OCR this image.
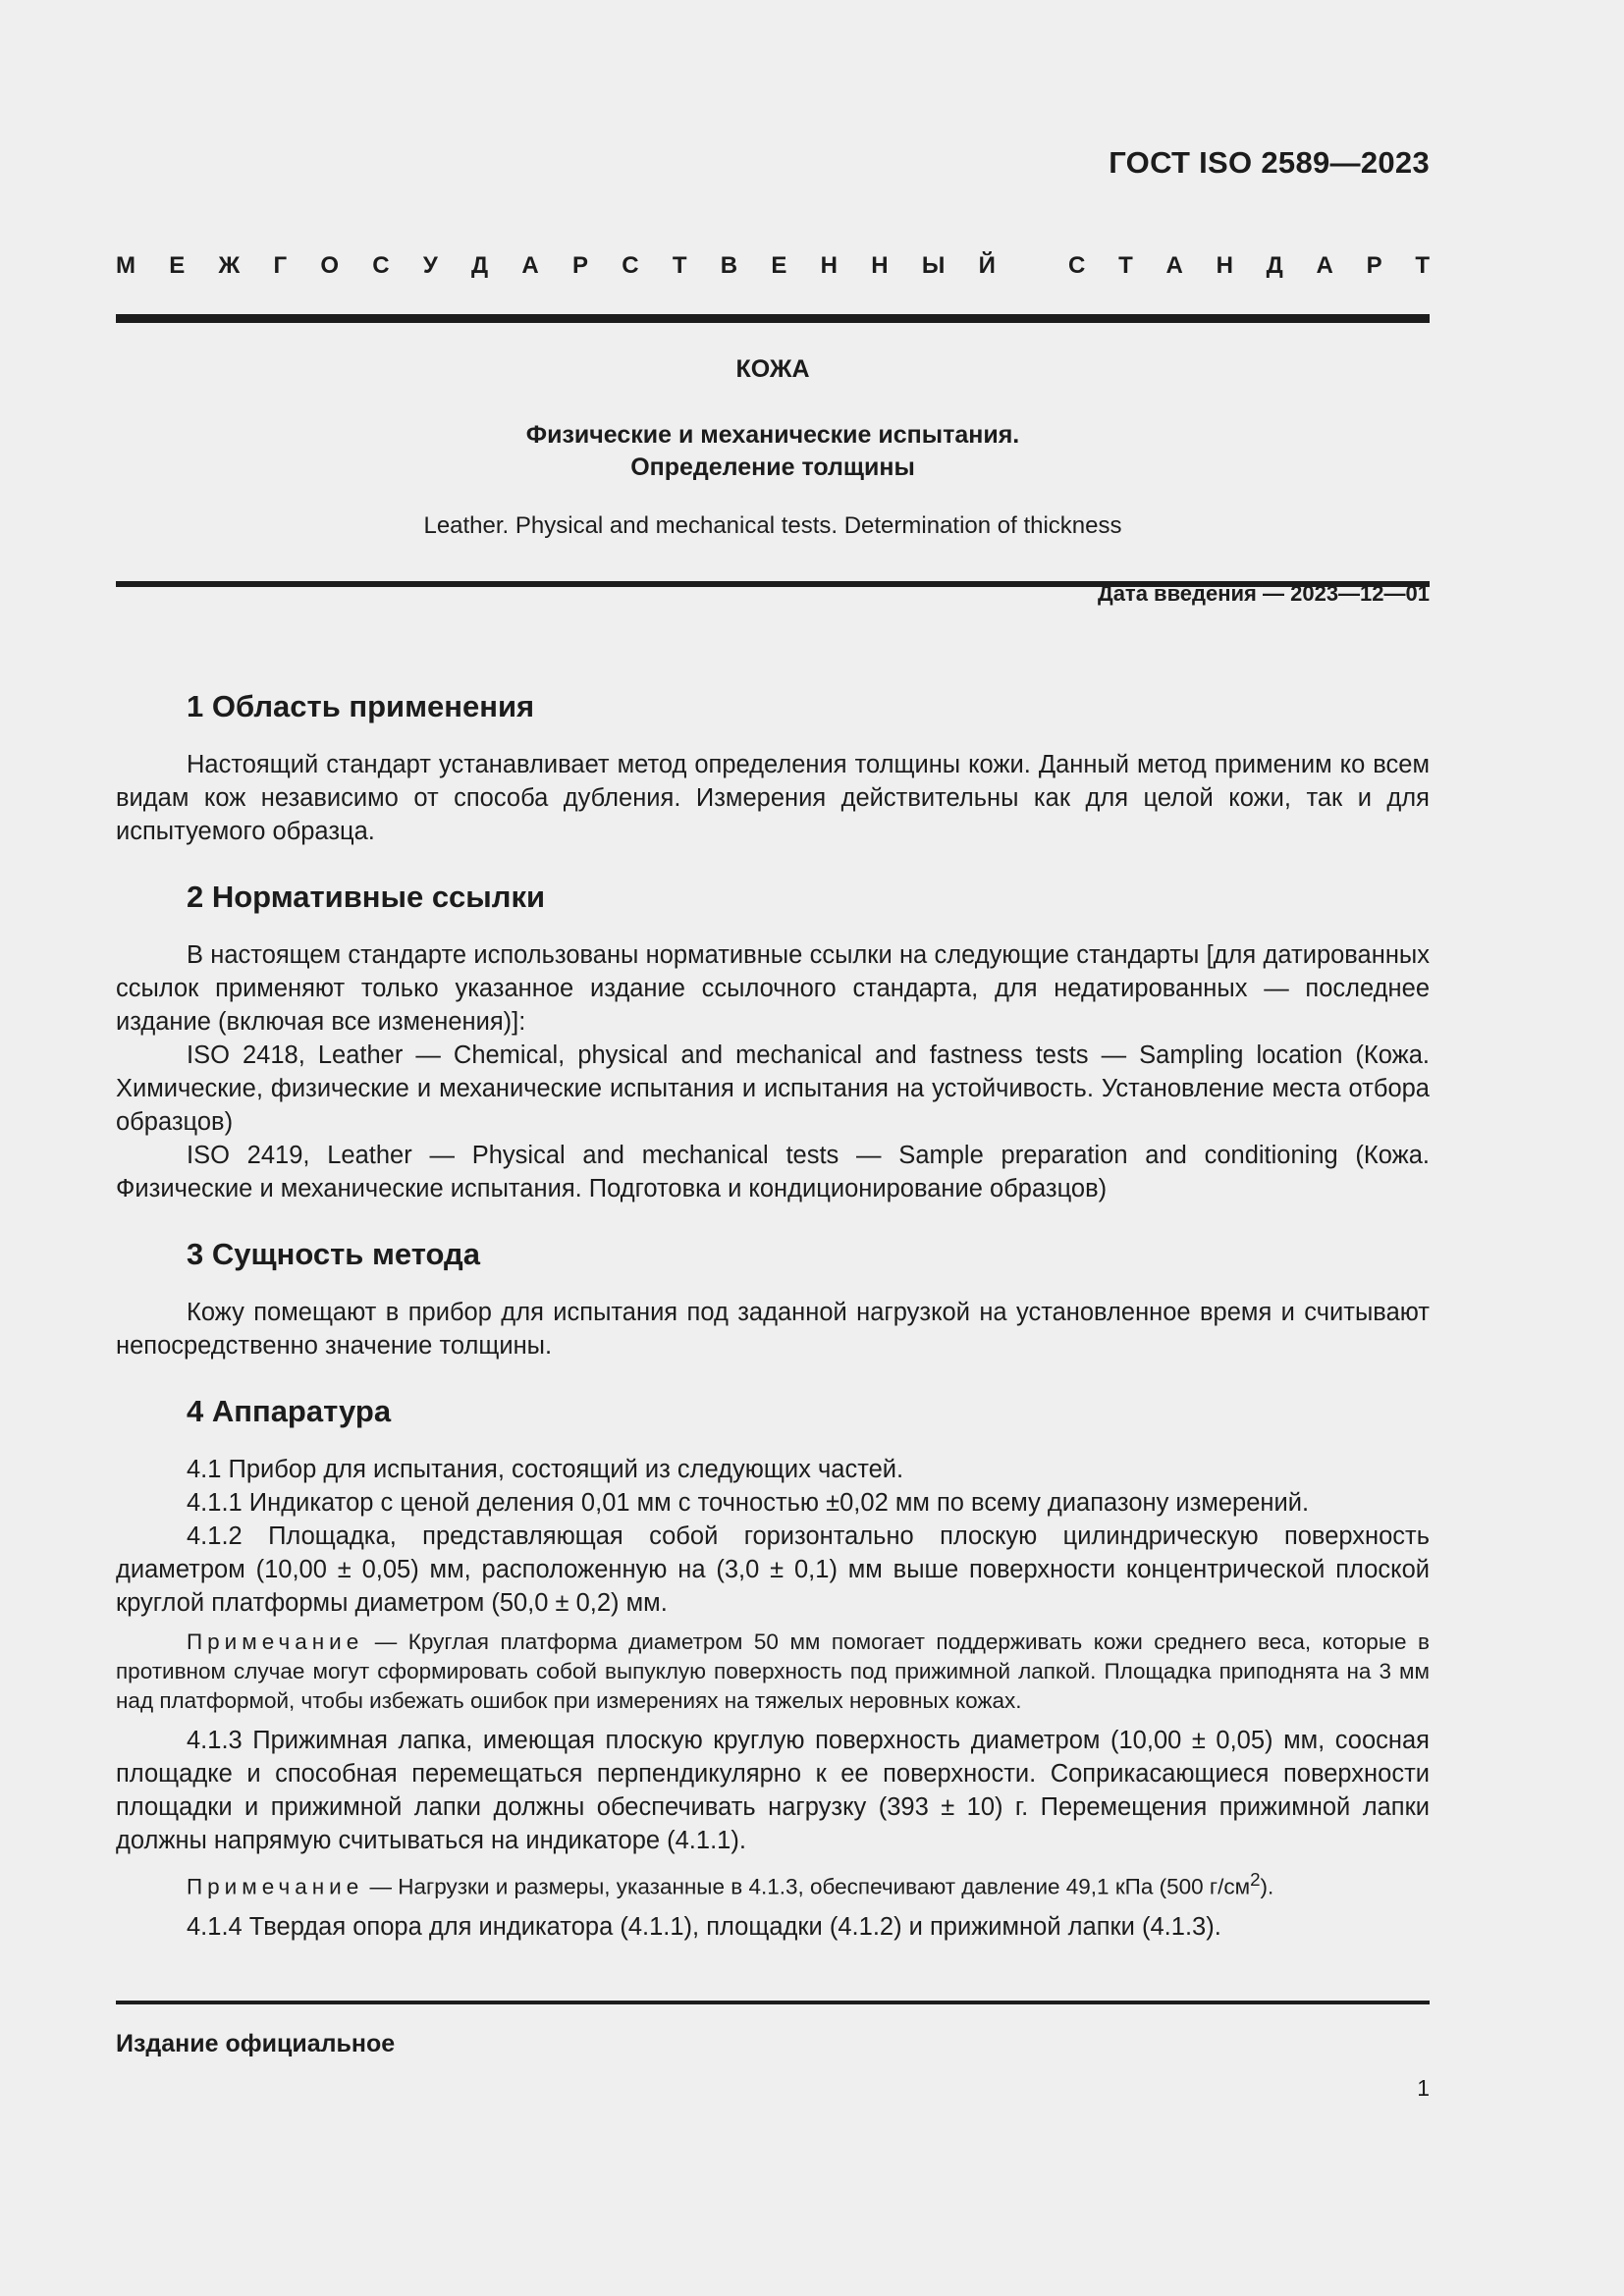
ГОСТ ISO 2589—2023
М Е Ж Г О С У Д А Р С Т В Е Н Н Ы Й	С Т А Н Д А Р Т
КОЖА
Физические и механические испытания.
Определение толщины
Leather. Physical and mechanical tests. Determination of thickness
Дата введения — 2023—12—01
1 Область применения

Настоящий стандарт устанавливает метод определения толщины кожи. Данный метод применим ко всем видам кож независимо от способа дубления. Измерения действительны как для целой кожи, так и для испытуемого образца.

2 Нормативные ссылки

В настоящем стандарте использованы нормативные ссылки на следующие стандарты [для датированных ссылок применяют только указанное издание ссылочного стандарта, для недатированных — последнее издание (включая все изменения)]:

ISO 2418, Leather — Chemical, physical and mechanical and fastness tests — Sampling location (Кожа. Химические, физические и механические испытания и испытания на устойчивость. Установление места отбора образцов)

ISO 2419, Leather — Physical and mechanical tests — Sample preparation and conditioning (Кожа. Физические и механические испытания. Подготовка и кондиционирование образцов)

3 Сущность метода

Кожу помещают в прибор для испытания под заданной нагрузкой на установленное время и считывают непосредственно значение толщины.

4 Аппаратура

4.1 Прибор для испытания, состоящий из следующих частей.

4.1.1 Индикатор с ценой деления 0,01 мм с точностью ±0,02 мм по всему диапазону измерений.

4.1.2 Площадка, представляющая собой горизонтально плоскую цилиндрическую поверхность диаметром (10,00 ± 0,05) мм, расположенную на (3,0 ± 0,1) мм выше поверхности концентрической плоской круглой платформы диаметром (50,0 ± 0,2) мм.

Примечание — Круглая платформа диаметром 50 мм помогает поддерживать кожи среднего веса, которые в противном случае могут сформировать собой выпуклую поверхность под прижимной лапкой. Площадка приподнята на 3 мм над платформой, чтобы избежать ошибок при измерениях на тяжелых неровных кожах.

4.1.3 Прижимная лапка, имеющая плоскую круглую поверхность диаметром (10,00 ± 0,05) мм, соосная площадке и способная перемещаться перпендикулярно к ее поверхности. Соприкасающиеся поверхности площадки и прижимной лапки должны обеспечивать нагрузку (393 ± 10) г. Перемещения прижимной лапки должны напрямую считываться на индикаторе (4.1.1).

Примечание — Нагрузки и размеры, указанные в 4.1.3, обеспечивают давление 49,1 кПа (500 $г/см^2$).

4.1.4 Твердая опора для индикатора (4.1.1), площадки (4.1.2) и прижимной лапки (4.1.3).

Издание официальное
1
